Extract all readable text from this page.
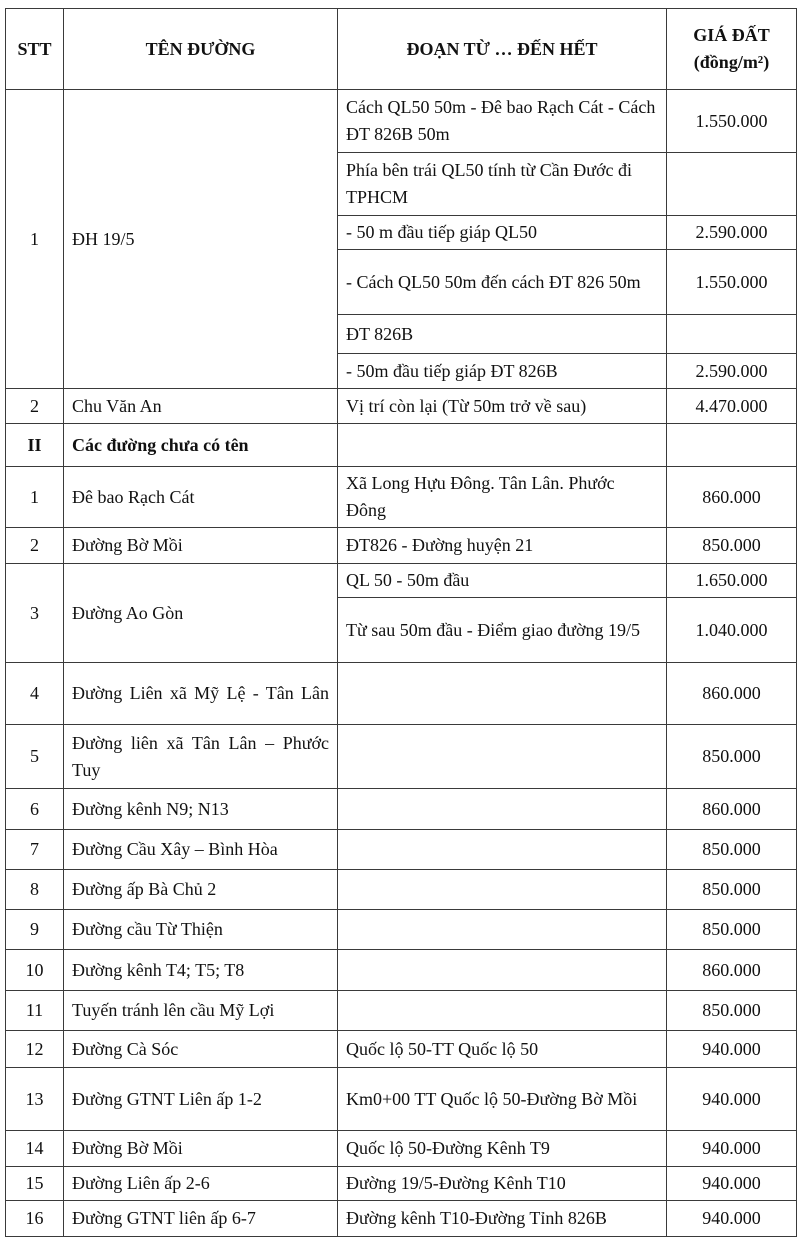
STT	TÊN ĐƯỜNG	ĐOẠN TỪ … ĐẾN HẾT	GIÁ ĐẤT
(đồng/m²)

1	ĐH 19/5	Cách QL50 50m - Đê bao Rạch Cát - Cách ĐT 826B 50m	1.550.000
		Phía bên trái QL50 tính từ Cần Đước đi TPHCM	
		- 50 m đầu tiếp giáp QL50	2.590.000
		- Cách QL50 50m đến cách ĐT 826 50m	1.550.000
		ĐT 826B	
		- 50m đầu tiếp giáp ĐT 826B	2.590.000
2	Chu Văn An	Vị trí còn lại (Từ 50m trở về sau)	4.470.000
II	Các đường chưa có tên		
1	Đê bao Rạch Cát	Xã Long Hựu Đông. Tân Lân. Phước Đông	860.000
2	Đường Bờ Mồi	ĐT826 - Đường huyện 21	850.000
3	Đường Ao Gòn	QL 50 - 50m đầu	1.650.000
		Từ sau 50m đầu - Điểm giao đường 19/5	1.040.000
4	Đường Liên xã Mỹ Lệ - Tân Lân		860.000
5	Đường liên xã Tân Lân – Phước Tuy		850.000
6	Đường kênh N9; N13		860.000
7	Đường Cầu Xây – Bình Hòa		850.000
8	Đường ấp Bà Chủ 2		850.000
9	Đường cầu Từ Thiện		850.000
10	Đường kênh T4; T5; T8		860.000
11	Tuyến tránh lên cầu Mỹ Lợi		850.000
12	Đường Cà Sóc	Quốc lộ 50-TT Quốc lộ 50	940.000
13	Đường GTNT Liên ấp 1-2	Km0+00 TT Quốc lộ 50-Đường Bờ Mồi	940.000
14	Đường Bờ Mồi	Quốc lộ 50-Đường Kênh T9	940.000
15	Đường Liên ấp 2-6	Đường 19/5-Đường Kênh T10	940.000
16	Đường GTNT liên ấp 6-7	Đường kênh T10-Đường Tỉnh 826B	940.000
